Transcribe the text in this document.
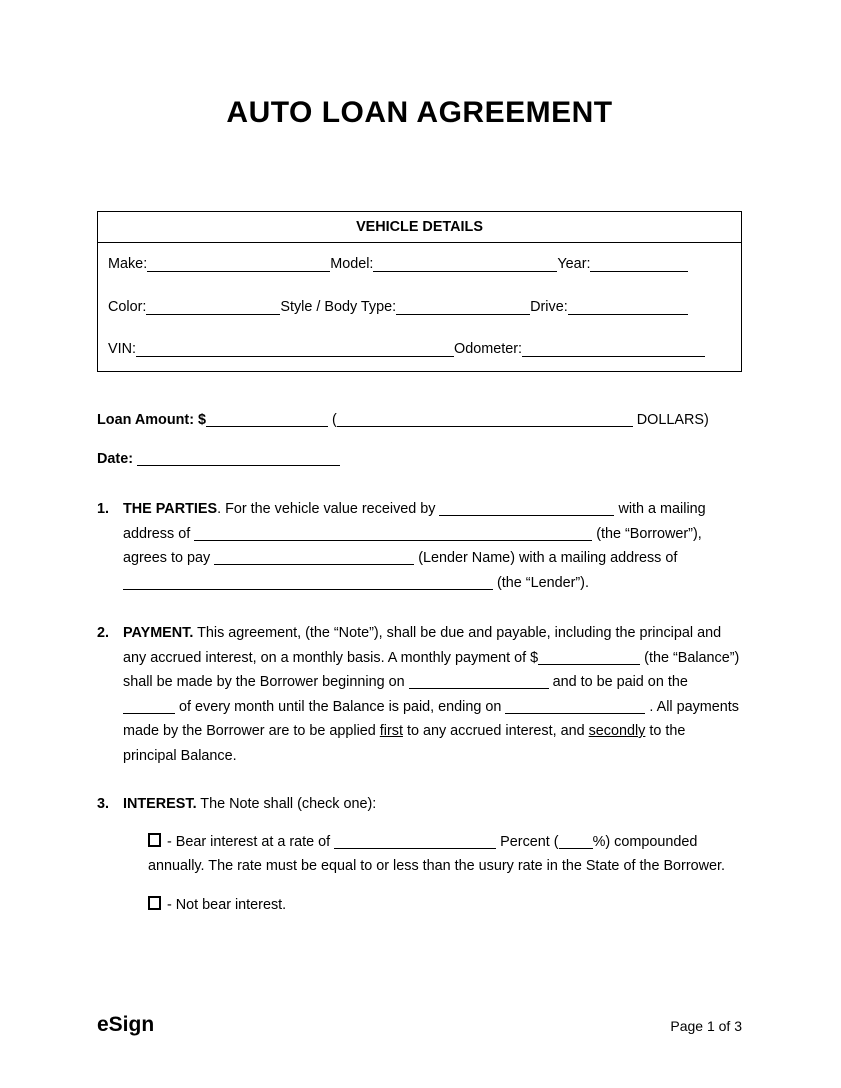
AUTO LOAN AGREEMENT
VEHICLE DETAILS
Make:	Model:	Year:
Color:	Style / Body Type:	Drive:
VIN:	Odometer:

Loan Amount: $	(	DOLLARS)

Date:

1. THE PARTIES. For the vehicle value received by	with a mailing address of	(the “Borrower”), agrees to pay	(Lender Name) with a mailing address of  (the “Lender”).

2. PAYMENT. This agreement, (the “Note”), shall be due and payable, including the principal and any accrued interest, on a monthly basis. A monthly payment of $	(the “Balance”) shall be made by the Borrower beginning on	and to be paid on the  of every month until the Balance is paid, ending on	. All payments made by the Borrower are to be applied first to any accrued interest, and secondly to the principal Balance.

3. INTEREST. The Note shall (check one):

- Bear interest at a rate of	Percent ( %) compounded annually. The rate must be equal to or less than the usury rate in the State of the Borrower.

- Not bear interest.

eSign	Page 1 of 3
